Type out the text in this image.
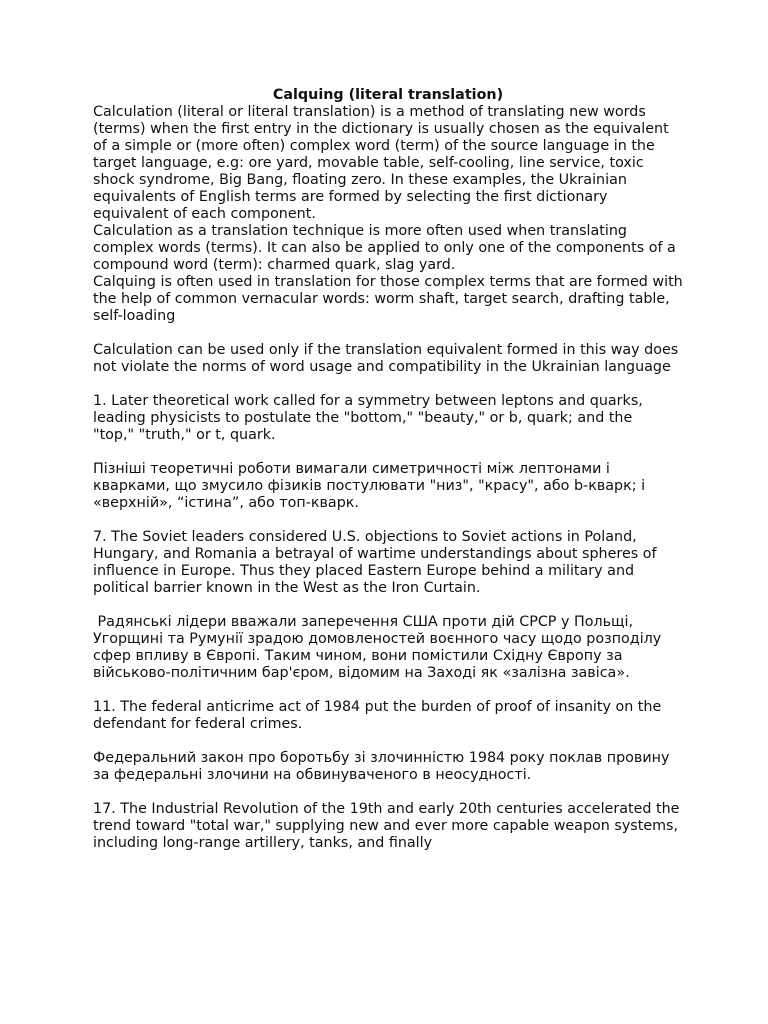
Calquing (literal translation)

Calculation (literal or literal translation) is a method of translating new words (terms) when the first entry in the dictionary is usually chosen as the equivalent of a simple or (more often) complex word (term) of the source language in the target language, e.g: ore yard, movable table, self-cooling, line service, toxic shock syndrome, Big Bang, floating zero. In these examples, the Ukrainian equivalents of English terms are formed by selecting the first dictionary equivalent of each component.

Calculation as a translation technique is more often used when translating complex words (terms). It can also be applied to only one of the components of a compound word (term): charmed quark, slag yard.

Calquing is often used in translation for those complex terms that are formed with the help of common vernacular words: worm shaft, target search, drafting table, self-loading

Calculation can be used only if the translation equivalent formed in this way does not violate the norms of word usage and compatibility in the Ukrainian language

1. Later theoretical work called for a symmetry between leptons and quarks, leading physicists to postulate the "bottom," "beauty," or b, quark; and the

"top," "truth," or t, quark.

Пізніші теоретичні роботи вимагали симетричності між лептонами і кварками, що змусило фізиків постулювати "низ", "красу", або b-кварк; і «верхній», “істина”, або топ-кварк.

7. The Soviet leaders considered U.S. objections to Soviet actions in Poland, Hungary, and Romania a betrayal of wartime understandings about spheres of influence in Europe. Thus they placed Eastern Europe behind a military and political barrier known in the West as the Iron Curtain.

Радянські лідери вважали заперечення США проти дій СРСР у Польщі, Угорщині та Румунії зрадою домовленостей воєнного часу щодо розподілу сфер впливу в Європі. Таким чином, вони помістили Східну Європу за військово-політичним бар'єром, відомим на Заході як «залізна завіса».

11. The federal anticrime act of 1984 put the burden of proof of insanity on the defendant for federal crimes.

Федеральний закон про боротьбу зі злочинністю 1984 року поклав провину за федеральні злочини на обвинуваченого в неосудності.

17. The Industrial Revolution of the 19th and early 20th centuries accelerated the trend toward "total war," supplying new and ever more capable weapon systems, including long-range artillery, tanks, and finally
